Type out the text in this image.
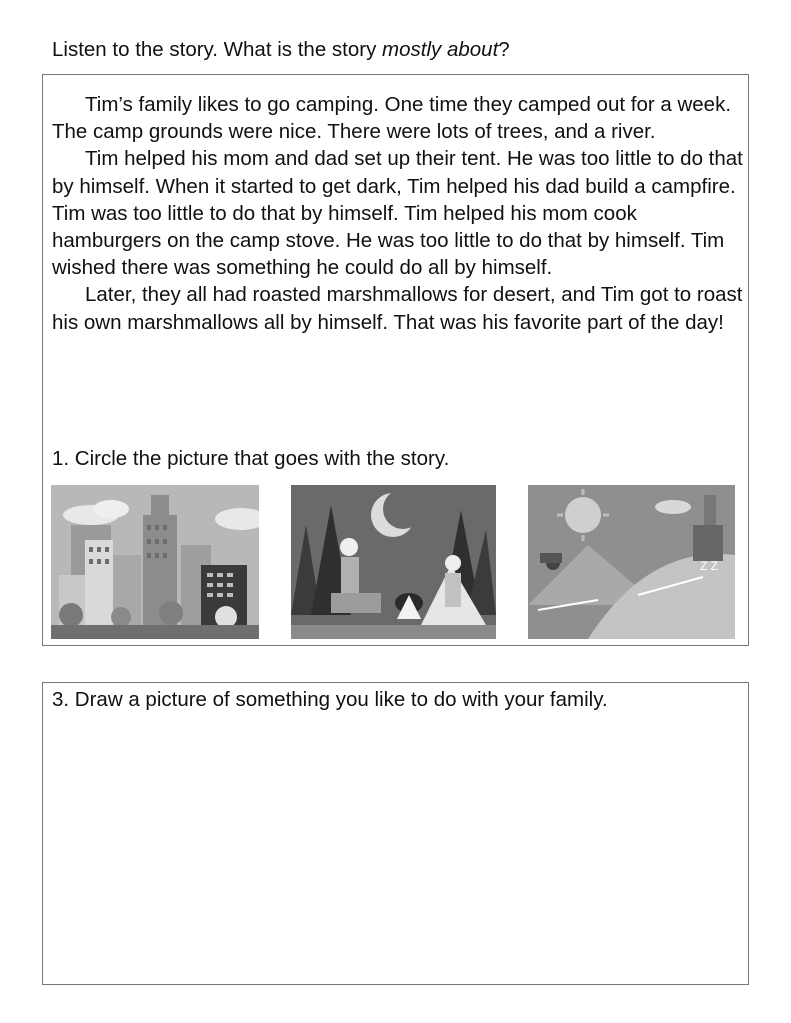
Listen to the story. What is the story mostly about?

Tim’s family likes to go camping. One time they camped out for a week. The camp grounds were nice. There were lots of trees, and a river.

Tim helped his mom and dad set up their tent. He was too little to do that by himself. When it started to get dark, Tim helped his dad build a campfire. Tim was too little to do that by himself. Tim helped his mom cook hamburgers on the camp stove. He was too little to do that by himself. Tim wished there was something he could do all by himself.

Later, they all had roasted marshmallows for desert, and Tim got to roast his own marshmallows all by himself. That was his favorite part of the day!

1. Circle the picture that goes with the story.
Z Z
3. Draw a picture of something you like to do with your family.
